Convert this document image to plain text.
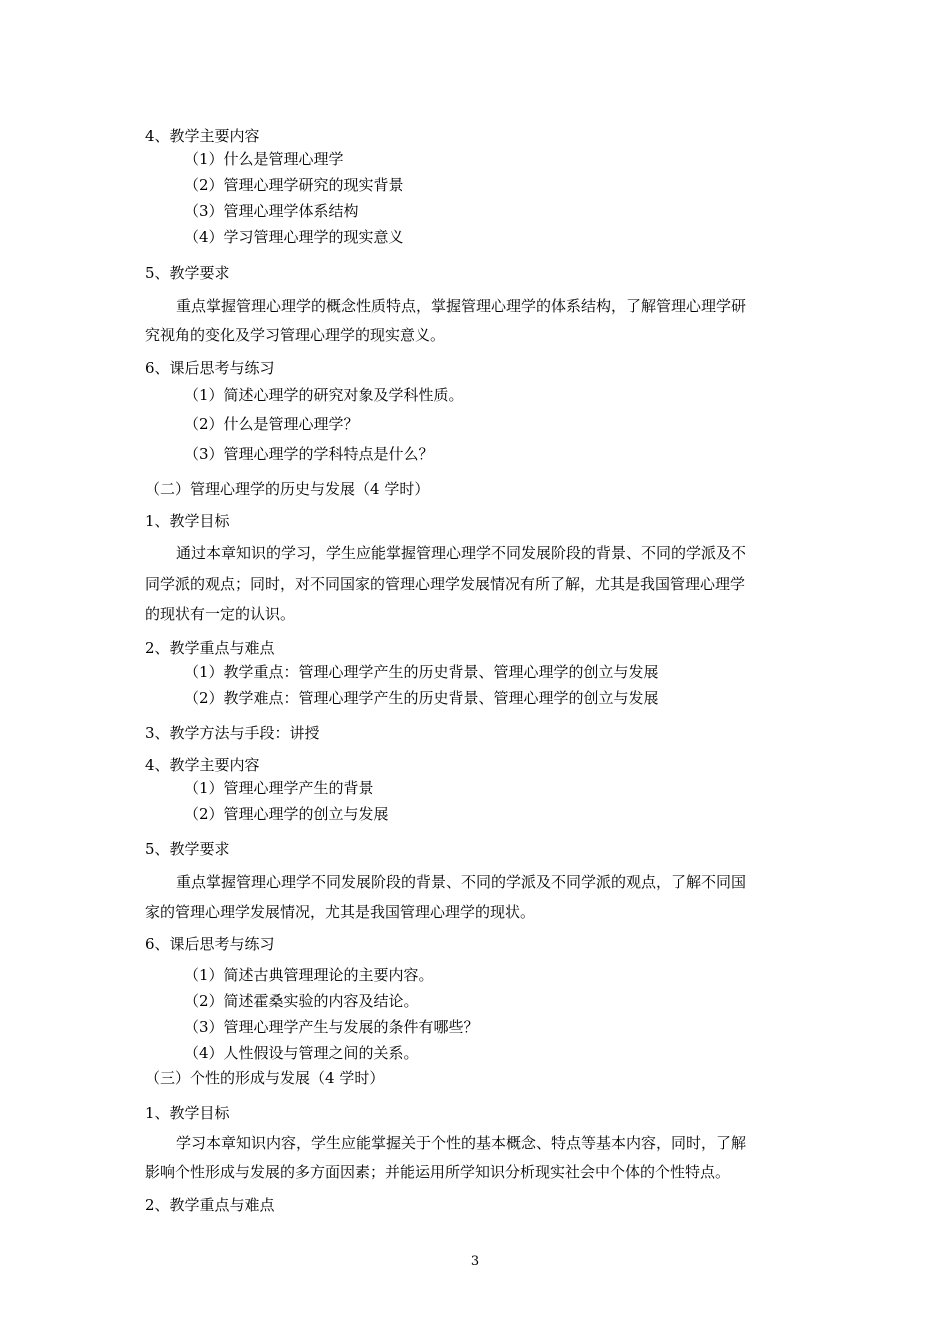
4、教学主要内容

（1）什么是管理心理学

（2）管理心理学研究的现实背景

（3）管理心理学体系结构

（4）学习管理心理学的现实意义

5、教学要求

重点掌握管理心理学的概念性质特点，掌握管理心理学的体系结构，了解管理心理学研

究视角的变化及学习管理心理学的现实意义。

6、课后思考与练习

（1）简述心理学的研究对象及学科性质。

（2）什么是管理心理学？

（3）管理心理学的学科特点是什么？

（二）管理心理学的历史与发展（4 学时）

1、教学目标

通过本章知识的学习，学生应能掌握管理心理学不同发展阶段的背景、不同的学派及不

同学派的观点；同时，对不同国家的管理心理学发展情况有所了解，尤其是我国管理心理学

的现状有一定的认识。

2、教学重点与难点

（1）教学重点：管理心理学产生的历史背景、管理心理学的创立与发展

（2）教学难点：管理心理学产生的历史背景、管理心理学的创立与发展

3、教学方法与手段：讲授

4、教学主要内容

（1）管理心理学产生的背景

（2）管理心理学的创立与发展

5、教学要求

重点掌握管理心理学不同发展阶段的背景、不同的学派及不同学派的观点，了解不同国

家的管理心理学发展情况，尤其是我国管理心理学的现状。

6、课后思考与练习

（1）简述古典管理理论的主要内容。

（2）简述霍桑实验的内容及结论。

（3）管理心理学产生与发展的条件有哪些？

（4）人性假设与管理之间的关系。

（三）个性的形成与发展（4 学时）

1、教学目标

学习本章知识内容，学生应能掌握关于个性的基本概念、特点等基本内容，同时，了解

影响个性形成与发展的多方面因素；并能运用所学知识分析现实社会中个体的个性特点。

2、教学重点与难点

3
